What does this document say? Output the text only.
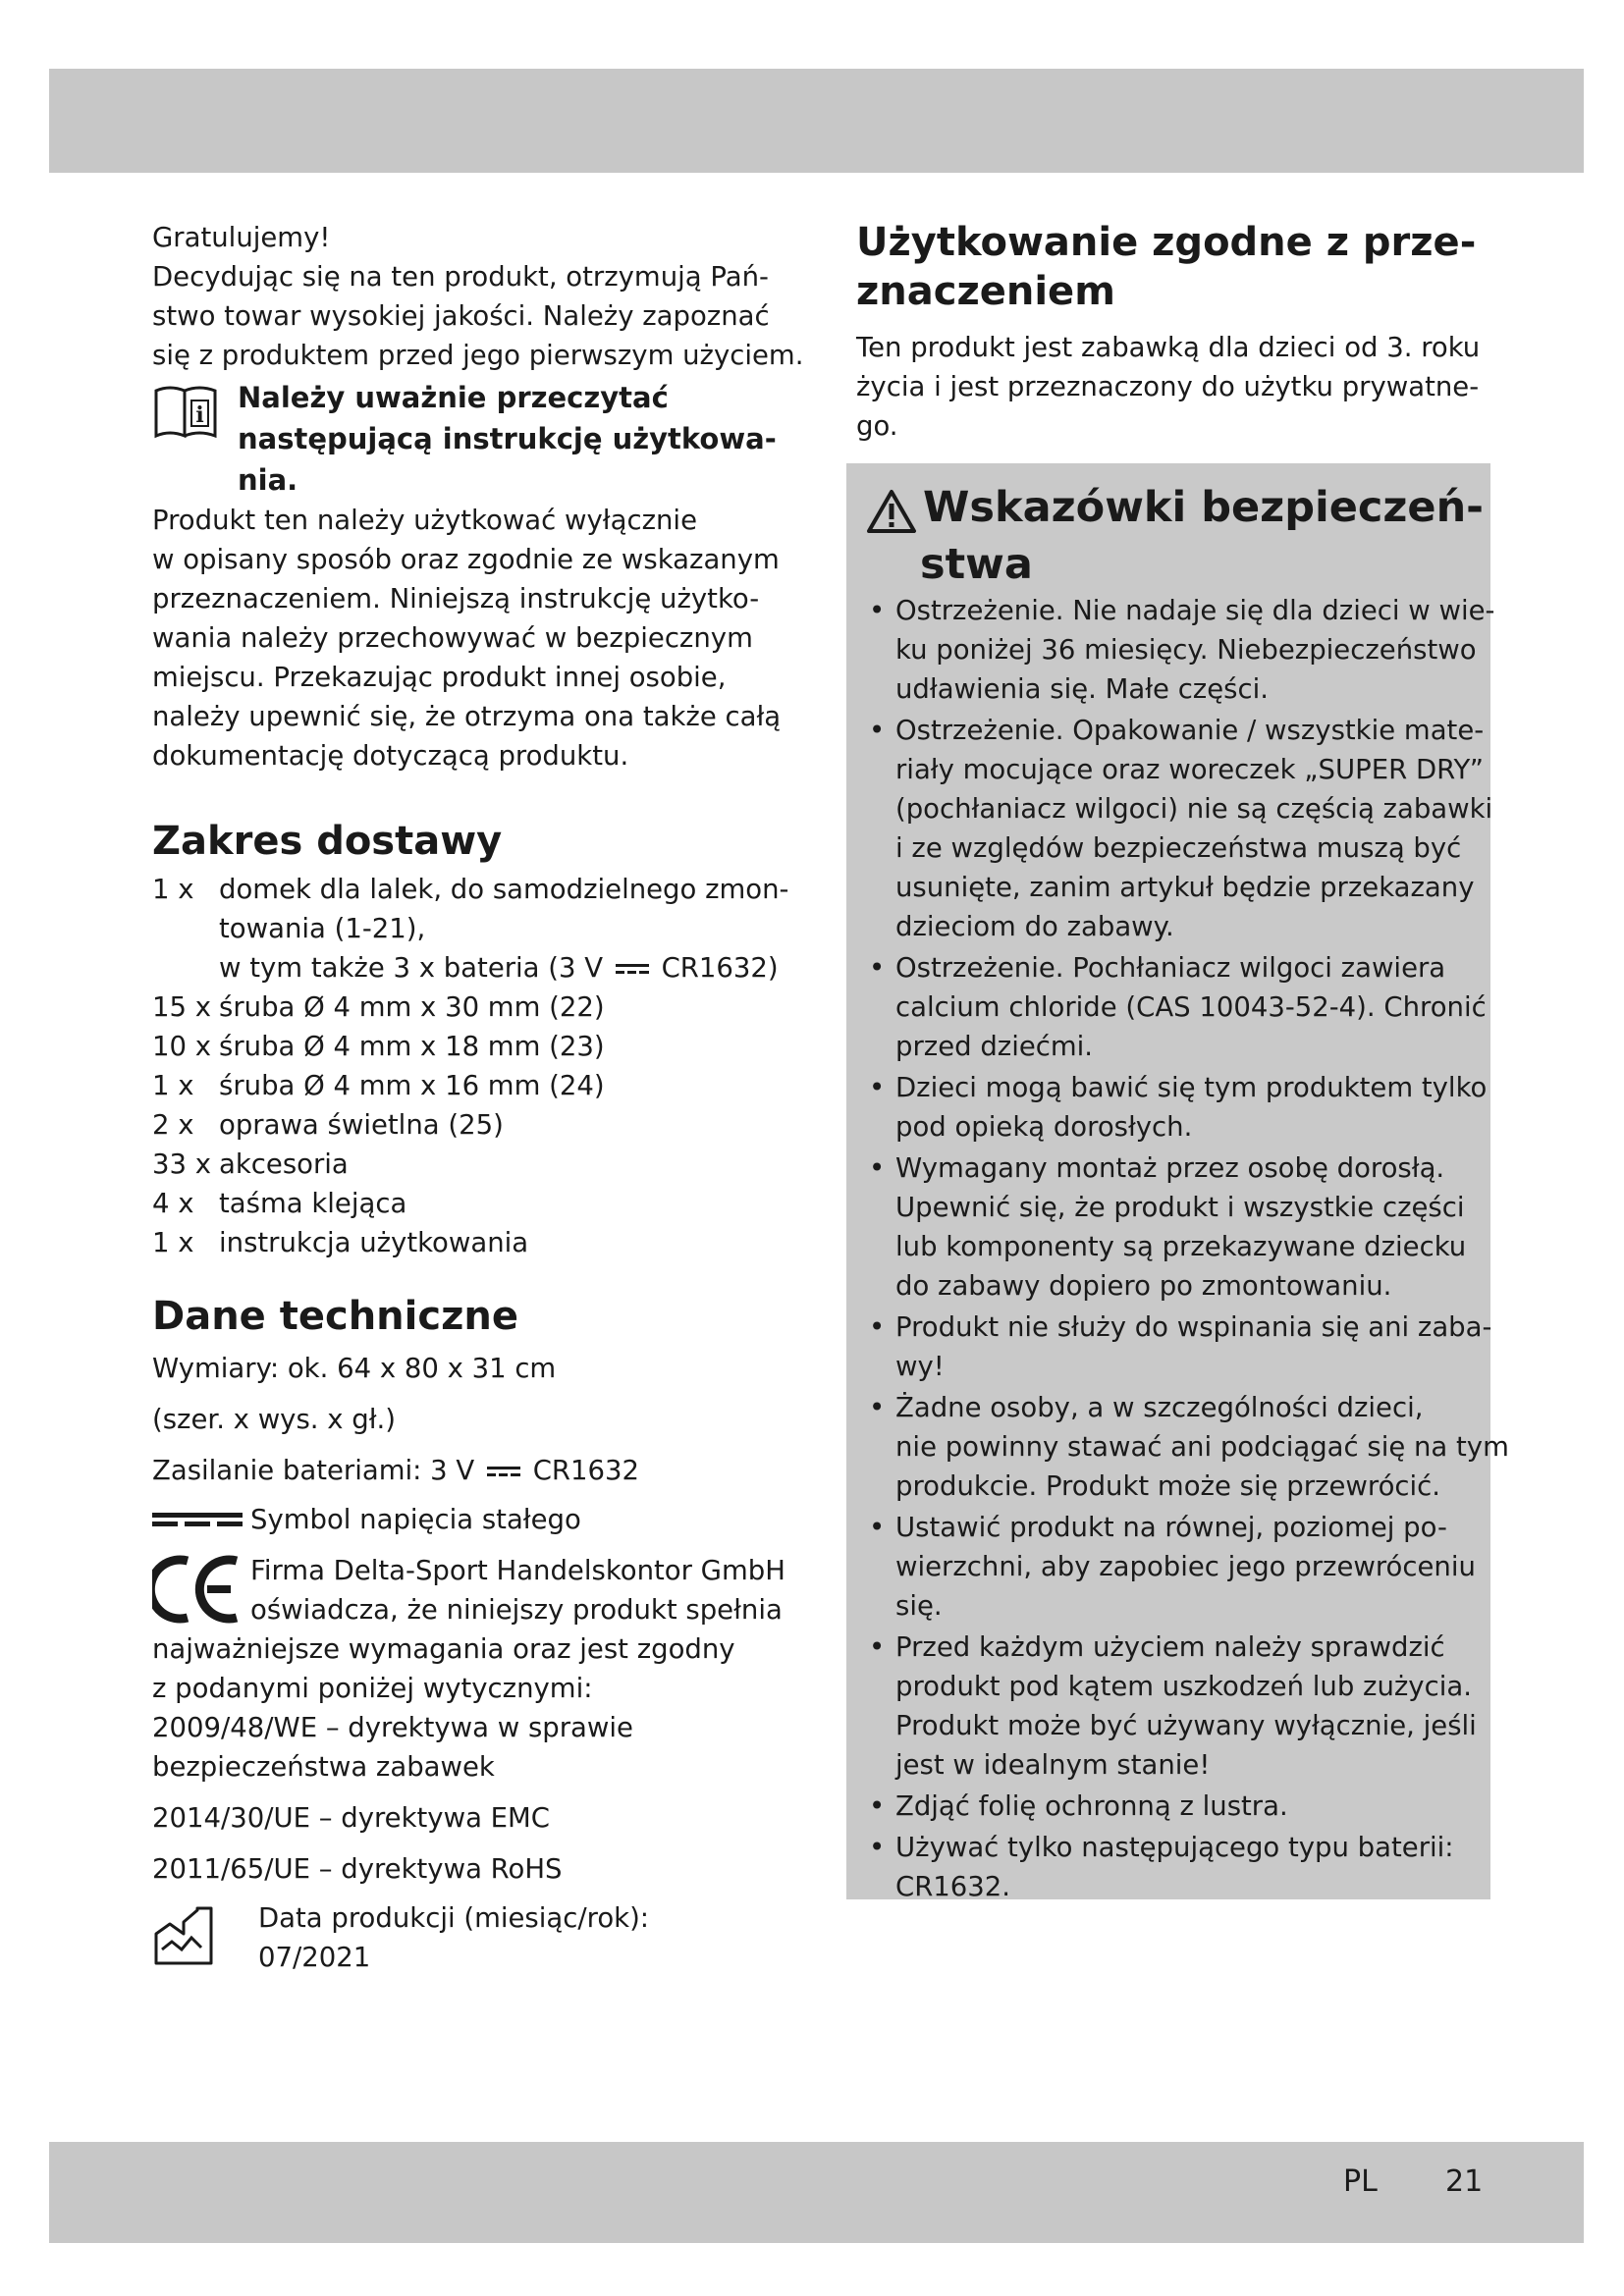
Gratulujemy!

Decydując się na ten produkt, otrzymują Pań-

stwo towar wysokiej jakości. Należy zapoznać

się z produktem przed jego pierwszym użyciem.

i

Należy uważnie przeczytać

następującą instrukcję użytkowa-

nia.

Produkt ten należy użytkować wyłącznie

w opisany sposób oraz zgodnie ze wskazanym

przeznaczeniem. Niniejszą instrukcję użytko-

wania należy przechowywać w bezpiecznym

miejscu. Przekazując produkt innej osobie,

należy upewnić się, że otrzyma ona także całą

dokumentację dotyczącą produktu.

Zakres dostawy
1 x domek dla lalek, do samodzielnego zmon-
towania (1-21),
w tym także 3 x bateria (3 V CR1632)
15 x śruba Ø 4 mm x 30 mm (22)
10 x śruba Ø 4 mm x 18 mm (23)
1 x śruba Ø 4 mm x 16 mm (24)
2 x oprawa świetlna (25)
33 x akcesoria
4 x taśma klejąca
1 x instrukcja użytkowania
Dane techniczne

Wymiary: ok. 64 x 80 x 31 cm

(szer. x wys. x gł.)

Zasilanie bateriami: 3 V CR1632

Symbol napięcia stałego

Firma Delta-Sport Handelskontor GmbH

oświadcza, że niniejszy produkt spełnia

najważniejsze wymagania oraz jest zgodny

z podanymi poniżej wytycznymi:

2009/48/WE – dyrektywa w sprawie

bezpieczeństwa zabawek

2014/30/UE – dyrektywa EMC

2011/65/UE – dyrektywa RoHS

Data produkcji (miesiąc/rok):

07/2021

Użytkowanie zgodne z prze-
znaczeniem

Ten produkt jest zabawką dla dzieci od 3. roku

życia i jest przeznaczony do użytku prywatne-

go.

Wskazówki bezpieczeń-
stwa
• Ostrzeżenie. Nie nadaje się dla dzieci w wie-
ku poniżej 36 miesięcy. Niebezpieczeństwo
udławienia się. Małe części.
• Ostrzeżenie. Opakowanie / wszystkie mate-
riały mocujące oraz woreczek „SUPER DRY”
(pochłaniacz wilgoci) nie są częścią zabawki
i ze względów bezpieczeństwa muszą być
usunięte, zanim artykuł będzie przekazany
dzieciom do zabawy.
• Ostrzeżenie. Pochłaniacz wilgoci zawiera
calcium chloride (CAS 10043-52-4). Chronić
przed dziećmi.
• Dzieci mogą bawić się tym produktem tylko
pod opieką dorosłych.
• Wymagany montaż przez osobę dorosłą.
Upewnić się, że produkt i wszystkie części
lub komponenty są przekazywane dziecku
do zabawy dopiero po zmontowaniu.
• Produkt nie służy do wspinania się ani zaba-
wy!
• Żadne osoby, a w szczególności dzieci,
nie powinny stawać ani podciągać się na tym
produkcie. Produkt może się przewrócić.
• Ustawić produkt na równej, poziomej po-
wierzchni, aby zapobiec jego przewróceniu
się.
• Przed każdym użyciem należy sprawdzić
produkt pod kątem uszkodzeń lub zużycia.
Produkt może być używany wyłącznie, jeśli
jest w idealnym stanie!
• Zdjąć folię ochronną z lustra.
• Używać tylko następującego typu baterii:
CR1632.
PL 21
